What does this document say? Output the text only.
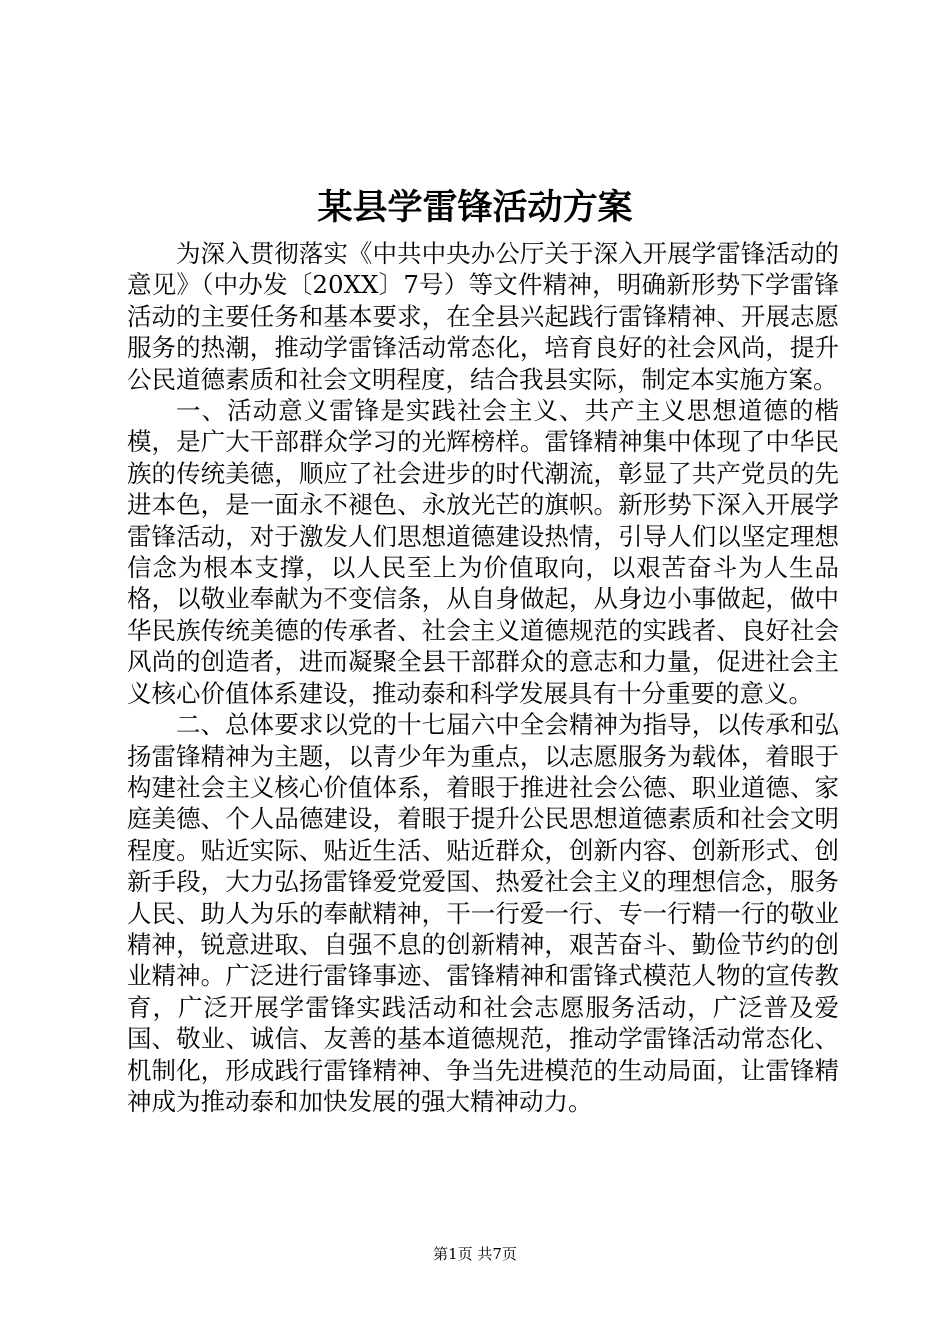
某县学雷锋活动方案

为深入贯彻落实《中共中央办公厅关于深入开展学雷锋活动的意见》（中办发〔20XX〕7号）等文件精神，明确新形势下学雷锋活动的主要任务和基本要求，在全县兴起践行雷锋精神、开展志愿服务的热潮，推动学雷锋活动常态化，培育良好的社会风尚，提升公民道德素质和社会文明程度，结合我县实际，制定本实施方案。

一、活动意义雷锋是实践社会主义、共产主义思想道德的楷模，是广大干部群众学习的光辉榜样。雷锋精神集中体现了中华民族的传统美德，顺应了社会进步的时代潮流，彰显了共产党员的先进本色，是一面永不褪色、永放光芒的旗帜。新形势下深入开展学雷锋活动，对于激发人们思想道德建设热情，引导人们以坚定理想信念为根本支撑，以人民至上为价值取向，以艰苦奋斗为人生品格，以敬业奉献为不变信条，从自身做起，从身边小事做起，做中华民族传统美德的传承者、社会主义道德规范的实践者、良好社会风尚的创造者，进而凝聚全县干部群众的意志和力量，促进社会主义核心价值体系建设，推动泰和科学发展具有十分重要的意义。

二、总体要求以党的十七届六中全会精神为指导，以传承和弘扬雷锋精神为主题，以青少年为重点，以志愿服务为载体，着眼于构建社会主义核心价值体系，着眼于推进社会公德、职业道德、家庭美德、个人品德建设，着眼于提升公民思想道德素质和社会文明程度。贴近实际、贴近生活、贴近群众，创新内容、创新形式、创新手段，大力弘扬雷锋爱党爱国、热爱社会主义的理想信念，服务人民、助人为乐的奉献精神，干一行爱一行、专一行精一行的敬业精神，锐意进取、自强不息的创新精神，艰苦奋斗、勤俭节约的创业精神。广泛进行雷锋事迹、雷锋精神和雷锋式模范人物的宣传教育，广泛开展学雷锋实践活动和社会志愿服务活动，广泛普及爱国、敬业、诚信、友善的基本道德规范，推动学雷锋活动常态化、机制化，形成践行雷锋精神、争当先进模范的生动局面，让雷锋精神成为推动泰和加快发展的强大精神动力。

第1页 共7页
